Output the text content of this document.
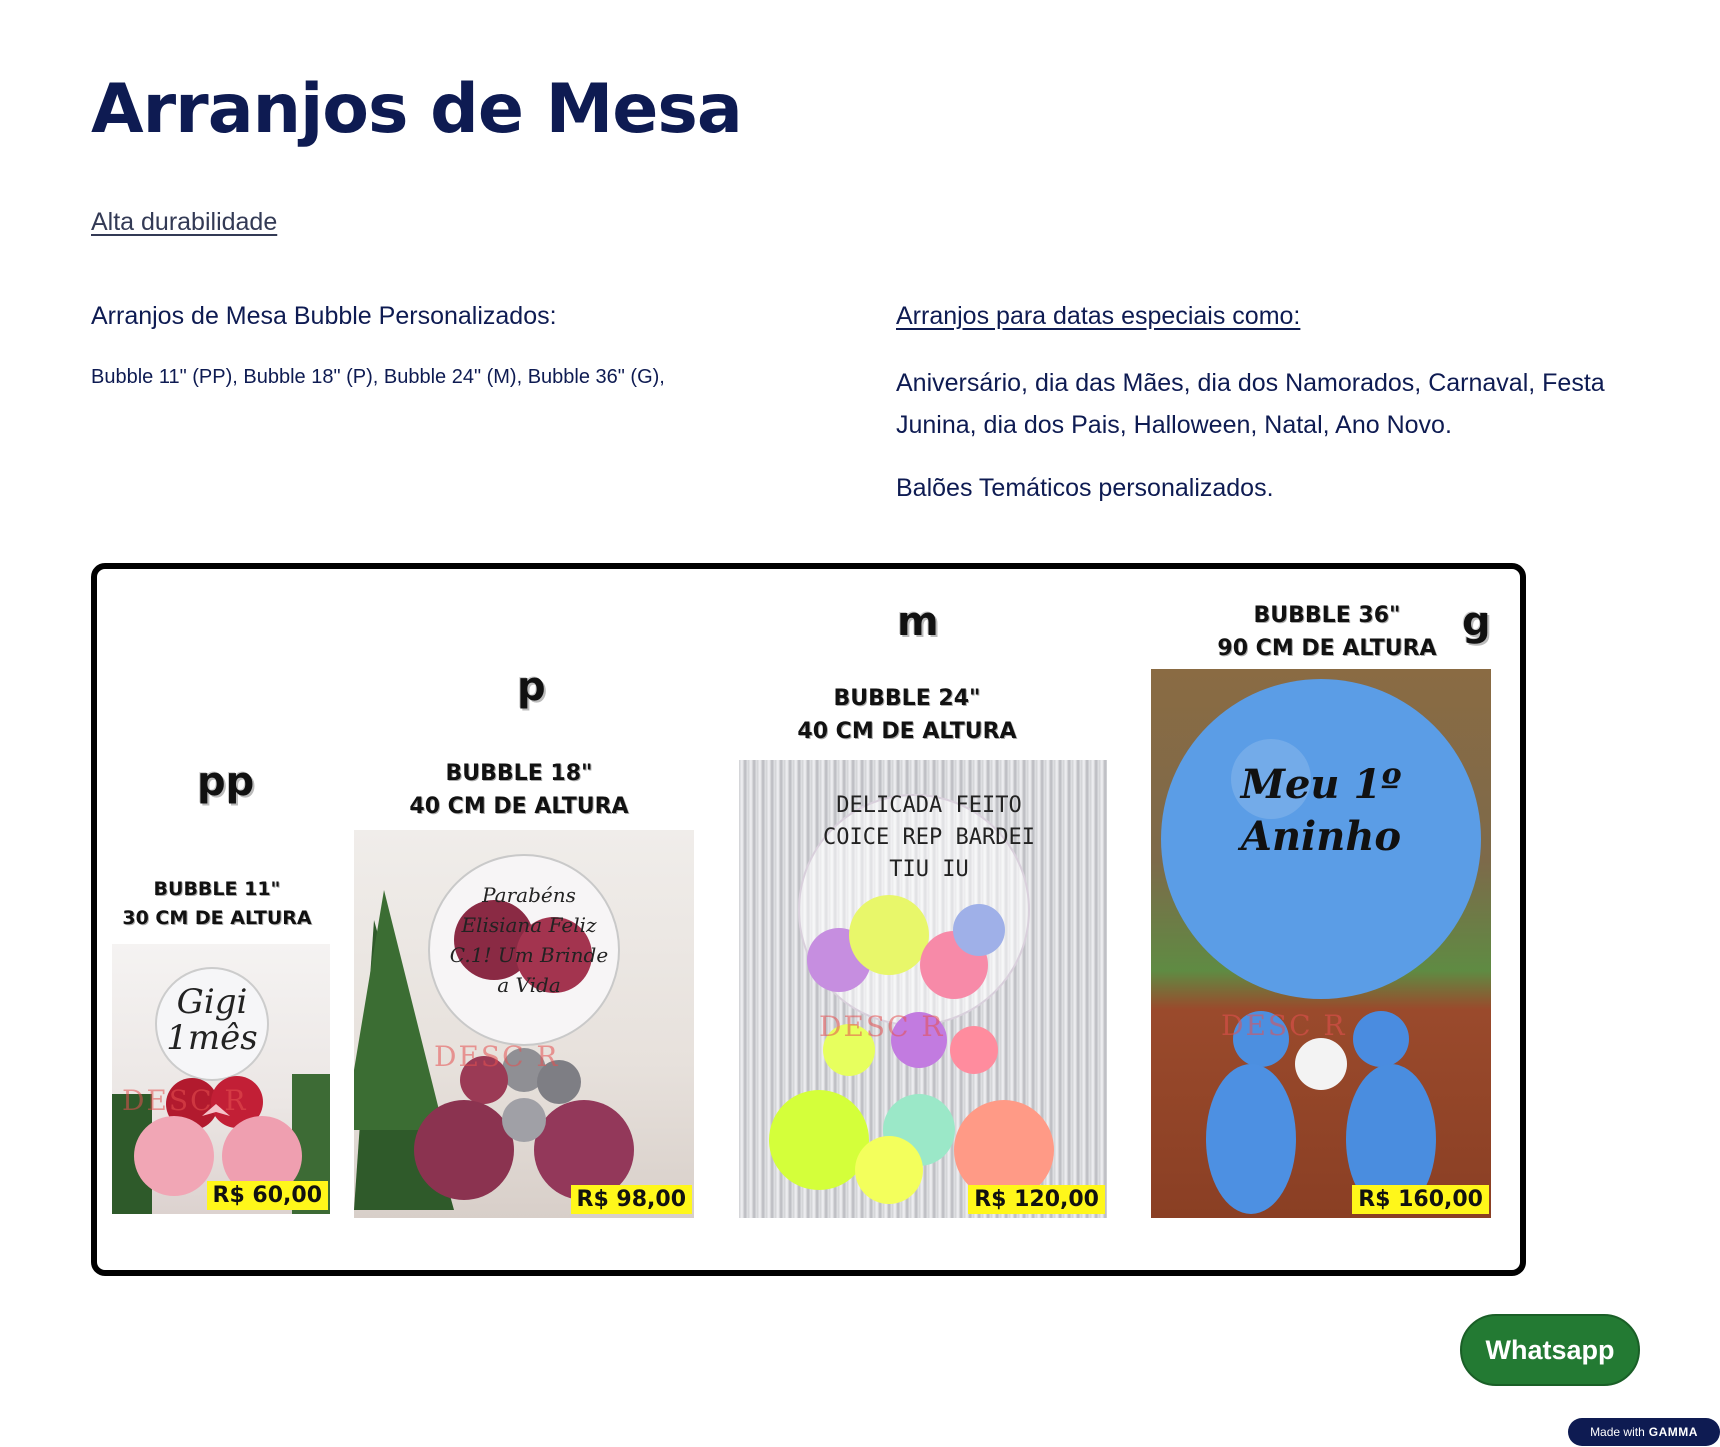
Arranjos de Mesa
Alta durabilidade
Arranjos de Mesa Bubble Personalizados:
Bubble 11" (PP), Bubble 18" (P), Bubble 24" (M), Bubble 36" (G),
Arranjos para datas especiais como:

Aniversário, dia das Mães, dia dos Namorados, Carnaval, Festa Junina, dia dos Pais, Halloween, Natal, Ano Novo.

Balões Temáticos personalizados.

pp
BUBBLE 11"
30 CM DE ALTURA
Gigi 1mês
DESC R
R$ 60,00
p
BUBBLE 18"
40 CM DE ALTURA
Parabéns Elisiana Feliz C.1! Um Brinde a Vida
DESC R
R$ 98,00
m
BUBBLE 24"
40 CM DE ALTURA
DELICADA FEITO COICE REP BARDEI TIU IU
DESC R
R$ 120,00
g
BUBBLE 36"
90 CM DE ALTURA
Meu 1º Aninho
DESC R
R$ 160,00
Whatsapp
Made with GAMMA
